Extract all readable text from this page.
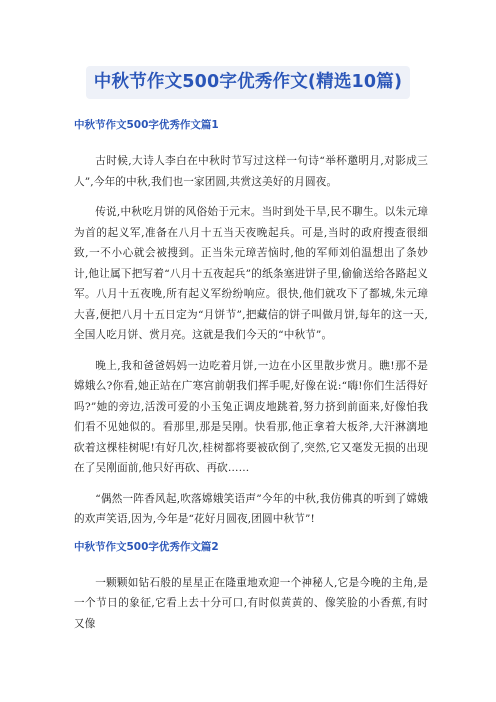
中秋节作文500字优秀作文(精选10篇)
中秋节作文500字优秀作文篇1

古时候,大诗人李白在中秋时节写过这样一句诗“举杯邀明月,对影成三人”,今年的中秋,我们也一家团圆,共赏这美好的月圆夜。

传说,中秋吃月饼的风俗始于元末。当时到处干旱,民不聊生。以朱元璋为首的起义军,准备在八月十五当天夜晚起兵。可是,当时的政府搜查很细致,一不小心就会被搜到。正当朱元璋苦恼时,他的军师刘伯温想出了条妙计,他让属下把写着“八月十五夜起兵”的纸条塞进饼子里,偷偷送给各路起义军。八月十五夜晚,所有起义军纷纷响应。很快,他们就攻下了都城,朱元璋大喜,便把八月十五日定为“月饼节”,把藏信的饼子叫做月饼,每年的这一天,全国人吃月饼、赏月亮。这就是我们今天的“中秋节”。

晚上,我和爸爸妈妈一边吃着月饼,一边在小区里散步赏月。瞧!那不是嫦娥么?你看,她正站在广寒宫前朝我们挥手呢,好像在说:“嗨!你们生活得好吗?”她的旁边,活泼可爱的小玉兔正调皮地跳着,努力挤到前面来,好像怕我们看不见她似的。看那里,那是吴刚。快看那,他正拿着大板斧,大汗淋漓地砍着这棵桂树呢!有好几次,桂树都将要被砍倒了,突然,它又毫发无损的出现在了吴刚面前,他只好再砍、再砍……

“偶然一阵香风起,吹落嫦娥笑语声”今年的中秋,我仿佛真的听到了嫦娥的欢声笑语,因为,今年是“花好月圆夜,团圆中秋节”!

中秋节作文500字优秀作文篇2

一颗颗如钻石般的星星正在隆重地欢迎一个神秘人,它是今晚的主角,是一个节日的象征,它看上去十分可口,有时似黄黄的、像笑脸的小香蕉,有时又像
